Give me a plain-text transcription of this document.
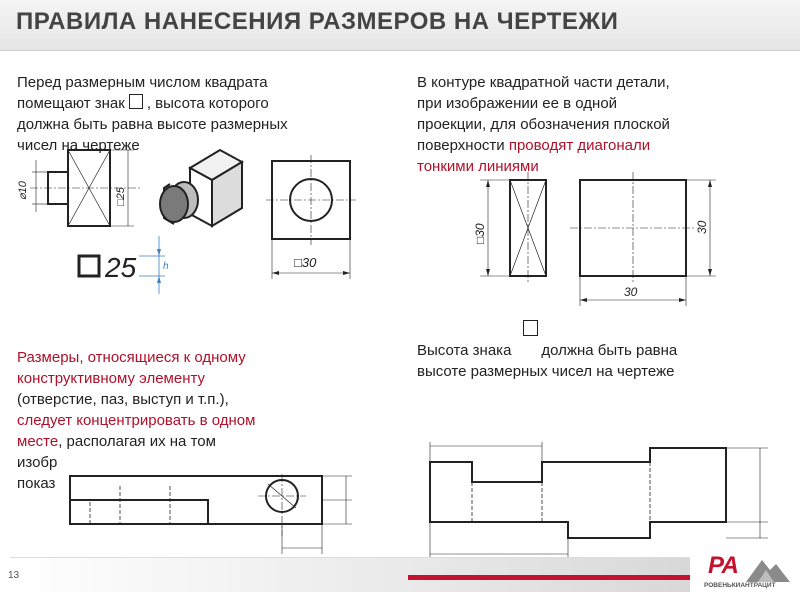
ПРАВИЛА НАНЕСЕНИЯ РАЗМЕРОВ НА ЧЕРТЕЖИ
Перед размерным числом квадрата
помещают знак , высота которого
должна быть равна высоте размерных
чисел на чертеже
⌀10	□25
□30
25	h
В контуре квадратной части детали,
при изображении ее в одной
проекции, для обозначения плоской
поверхности проводят диагонали
тонкими линиями
□30	30
30
Высота знака должна быть равна
высоте размерных чисел на чертеже
Размеры, относящиеся к одному
конструктивному элементу
(отверстие, паз, выступ и т.п.),
следует концентрировать в одном
месте, располагая их на том
изобр
показ
13	РА
РОВЕНЬКИАНТРАЦИТ
